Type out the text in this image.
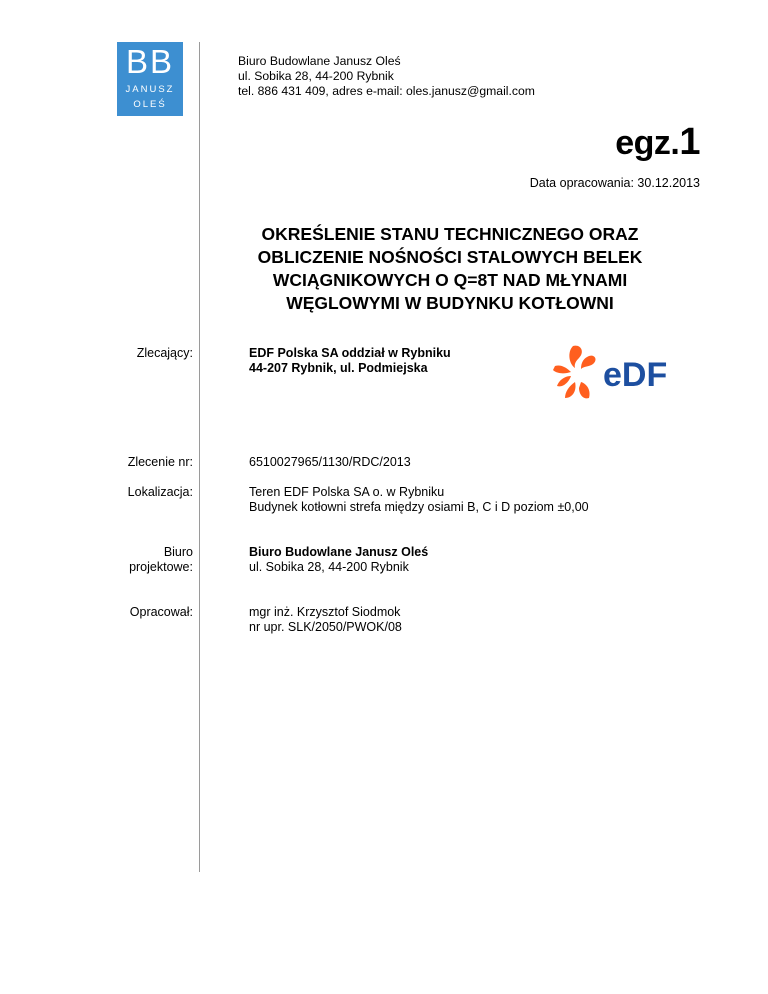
BB
JANUSZ
OLEŚ
Biuro Budowlane Janusz Oleś
ul. Sobika 28, 44-200 Rybnik
tel. 886 431 409, adres e-mail: oles.janusz@gmail.com
egz.1
Data opracowania: 30.12.2013
OKREŚLENIE STANU TECHNICZNEGO ORAZ
OBLICZENIE NOŚNOŚCI STALOWYCH BELEK
WCIĄGNIKOWYCH O Q=8T NAD MŁYNAMI
WĘGLOWYMI W BUDYNKU KOTŁOWNI
Zlecający:	EDF Polska SA oddział w Rybniku
44-207 Rybnik, ul. Podmiejska	eDF
Zlecenie nr:	6510027965/1130/RDC/2013
Lokalizacja:	Teren EDF Polska SA o. w Rybniku
Budynek kotłowni strefa między osiami B, C i D poziom ±0,00
Biuro
projektowe:
Biuro Budowlane Janusz Oleś
ul. Sobika 28, 44-200 Rybnik
Opracował:	mgr inż. Krzysztof Siodmok
nr upr. SLK/2050/PWOK/08
